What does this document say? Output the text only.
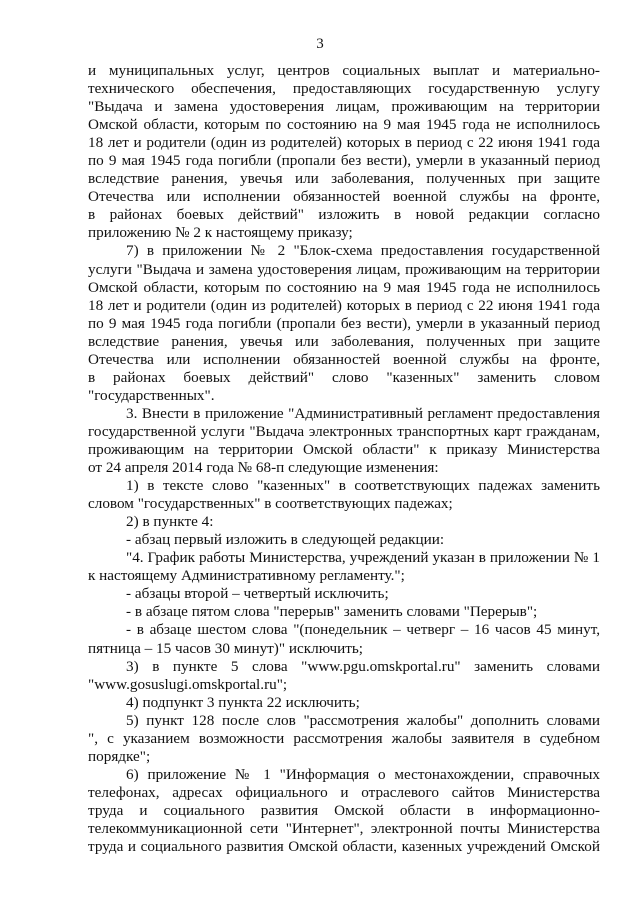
3
и муниципальных услуг, центров социальных выплат и материально-
технического обеспечения, предоставляющих государственную услугу
"Выдача и замена удостоверения лицам, проживающим на территории
Омской области, которым по состоянию на 9 мая 1945 года не исполнилось
18 лет и родители (один из родителей) которых в период с 22 июня 1941 года
по 9 мая 1945 года погибли (пропали без вести), умерли в указанный период
вследствие ранения, увечья или заболевания, полученных при защите
Отечества или исполнении обязанностей военной службы на фронте,
в районах боевых действий" изложить в новой редакции согласно
приложению № 2 к настоящему приказу;
7) в приложении № 2 "Блок-схема предоставления государственной
услуги "Выдача и замена удостоверения лицам, проживающим на территории
Омской области, которым по состоянию на 9 мая 1945 года не исполнилось
18 лет и родители (один из родителей) которых в период с 22 июня 1941 года
по 9 мая 1945 года погибли (пропали без вести), умерли в указанный период
вследствие ранения, увечья или заболевания, полученных при защите
Отечества или исполнении обязанностей военной службы на фронте,
в районах боевых действий" слово "казенных" заменить словом
"государственных".
3. Внести в приложение "Административный регламент предоставления
государственной услуги "Выдача электронных транспортных карт гражданам,
проживающим на территории Омской области" к приказу Министерства
от 24 апреля 2014 года № 68-п следующие изменения:
1) в тексте слово "казенных" в соответствующих падежах заменить
словом "государственных" в соответствующих падежах;
2) в пункте 4:
- абзац первый изложить в следующей редакции:
"4. График работы Министерства, учреждений указан в приложении № 1
к настоящему Административному регламенту.";
- абзацы второй – четвертый исключить;
- в абзаце пятом слова "перерыв" заменить словами "Перерыв";
- в абзаце шестом слова "(понедельник – четверг – 16 часов 45 минут,
пятница – 15 часов 30 минут)" исключить;
3) в пункте 5 слова "www.pgu.omskportal.ru" заменить словами
"www.gosuslugi.omskportal.ru";
4) подпункт 3 пункта 22 исключить;
5) пункт 128 после слов "рассмотрения жалобы" дополнить словами
", с указанием возможности рассмотрения жалобы заявителя в судебном
порядке";
6) приложение № 1 "Информация о местонахождении, справочных
телефонах, адресах официального и отраслевого сайтов Министерства
труда и социального развития Омской области в информационно-
телекоммуникационной сети "Интернет", электронной почты Министерства
труда и социального развития Омской области, казенных учреждений Омской
